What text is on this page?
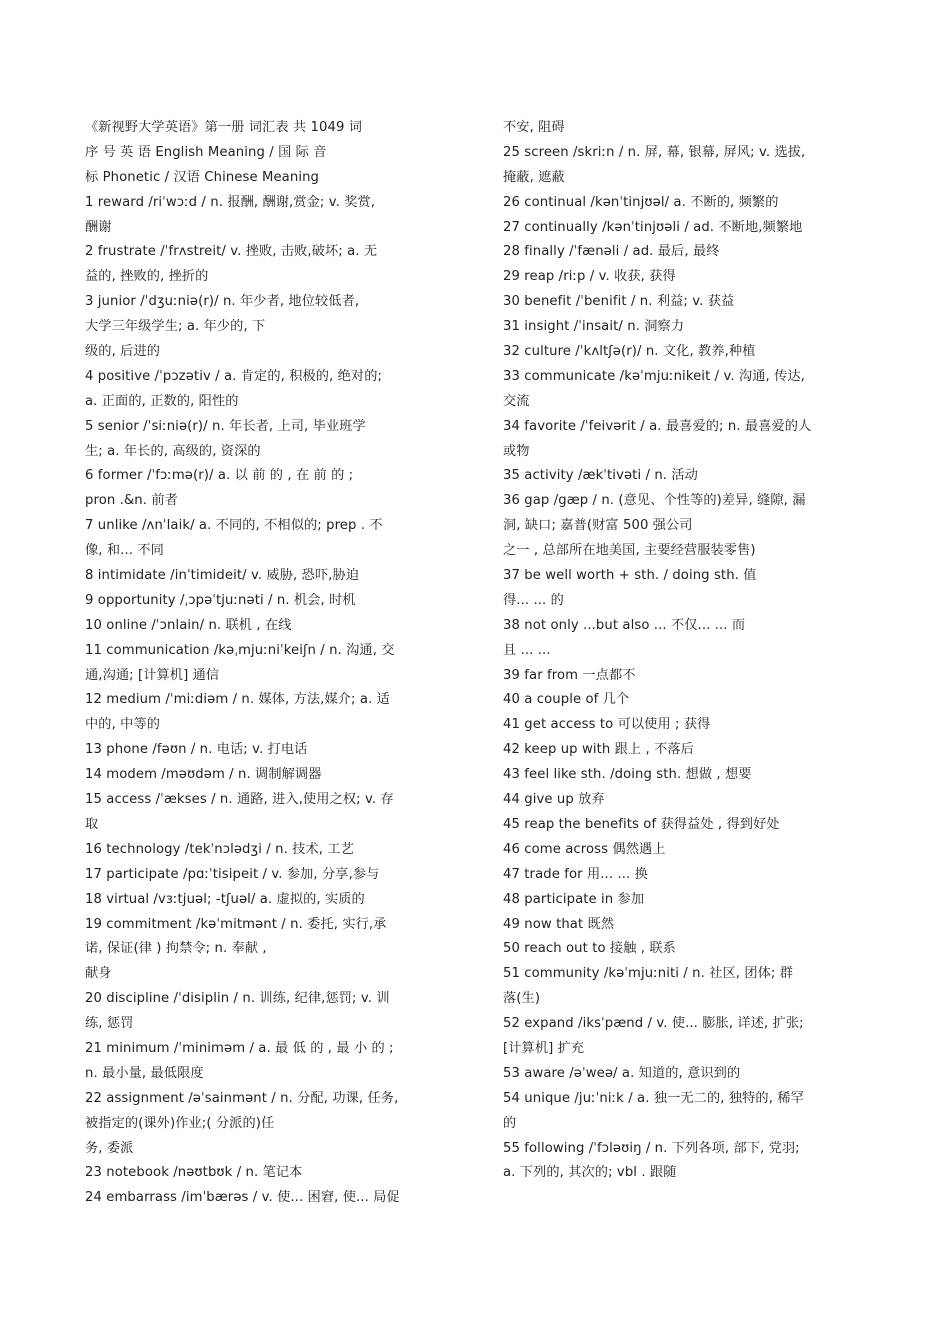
《新视野大学英语》第一册 词汇表 共 1049 词
序 号 英 语 English Meaning / 国 际 音
标 Phonetic / 汉语 Chinese Meaning
1 reward /riˈwɔːd / n. 报酬, 酬谢,赏金; v. 奖赏,
酬谢
2 frustrate /ˈfrʌstreit/ v. 挫败, 击败,破坏; a. 无
益的, 挫败的, 挫折的
3 junior /ˈdʒuːniə(r)/ n. 年少者, 地位较低者,
大学三年级学生; a. 年少的, 下
级的, 后进的
4 positive /ˈpɔzətiv / a. 肯定的, 积极的, 绝对的;
a. 正面的, 正数的, 阳性的
5 senior /ˈsiːniə(r)/ n. 年长者, 上司, 毕业班学
生; a. 年长的, 高级的, 资深的
6 former /ˈfɔːmə(r)/ a. 以 前 的 , 在 前 的 ;
pron .&n. 前者
7 unlike /ʌnˈlaik/ a. 不同的, 不相似的; prep . 不
像, 和... 不同
8 intimidate /inˈtimideit/ v. 威胁, 恐吓,胁迫
9 opportunity /ˌɔpəˈtjuːnəti / n. 机会, 时机
10 online /ˈɔnlain/ n. 联机 , 在线
11 communication /kəˌmjuːniˈkeiʃn / n. 沟通, 交
通,沟通; [计算机] 通信
12 medium /ˈmiːdiəm / n. 媒体, 方法,媒介; a. 适
中的, 中等的
13 phone /fəʊn / n. 电话; v. 打电话
14 modem /məʊdəm / n. 调制解调器
15 access /ˈækses / n. 通路, 进入,使用之权; v. 存
取
16 technology /tekˈnɔlədʒi / n. 技术, 工艺
17 participate /pɑːˈtisipeit / v. 参加, 分享,参与
18 virtual /vɜːtjuəl; -tʃuəl/ a. 虚拟的, 实质的
19 commitment /kəˈmitmənt / n. 委托, 实行,承
诺, 保证(律 ) 拘禁令; n. 奉献 ,
献身
20 discipline /ˈdisiplin / n. 训练, 纪律,惩罚; v. 训
练, 惩罚
21 minimum /ˈminiməm / a. 最 低 的 , 最 小 的 ;
n. 最小量, 最低限度
22 assignment /əˈsainmənt / n. 分配, 功课, 任务,
被指定的(课外)作业;( 分派的)任
务, 委派
23 notebook /nəʊtbʊk / n. 笔记本
24 embarrass /imˈbærəs / v. 使... 困窘, 使... 局促
不安, 阻碍
25 screen /skriːn / n. 屏, 幕, 银幕, 屏风; v. 选拔,
掩蔽, 遮蔽
26 continual /kənˈtinjʊəl/ a. 不断的, 频繁的
27 continually /kənˈtinjʊəli / ad. 不断地,频繁地
28 finally /ˈfænəli / ad. 最后, 最终
29 reap /riːp / v. 收获, 获得
30 benefit /ˈbenifit / n. 利益; v. 获益
31 insight /ˈinsait/ n. 洞察力
32 culture /ˈkʌltʃə(r)/ n. 文化, 教养,种植
33 communicate /kəˈmjuːnikeit / v. 沟通, 传达,
交流
34 favorite /ˈfeivərit / a. 最喜爱的; n. 最喜爱的人
或物
35 activity /ækˈtivəti / n. 活动
36 gap /gæp / n. (意见、个性等的)差异, 缝隙, 漏
洞, 缺口; 嘉普(财富 500 强公司
之一 , 总部所在地美国, 主要经营服装零售)
37 be well worth + sth. / doing sth. 值
得... ... 的
38 not only ...but also ... 不仅... ... 而
且 ... ...
39 far from 一点都不
40 a couple of 几个
41 get access to 可以使用 ; 获得
42 keep up with 跟上 , 不落后
43 feel like sth. /doing sth. 想做 , 想要
44 give up 放弃
45 reap the benefits of 获得益处 , 得到好处
46 come across 偶然遇上
47 trade for 用... ... 换
48 participate in 参加
49 now that 既然
50 reach out to 接触 , 联系
51 community /kəˈmjuːniti / n. 社区, 团体; 群
落(生)
52 expand /iksˈpænd / v. 使... 膨胀, 详述, 扩张;
[计算机] 扩充
53 aware /əˈweə/ a. 知道的, 意识到的
54 unique /juːˈniːk / a. 独一无二的, 独特的, 稀罕
的
55 following /ˈfɔləʊiŋ / n. 下列各项, 部下, 党羽;
a. 下列的, 其次的; vbl . 跟随
